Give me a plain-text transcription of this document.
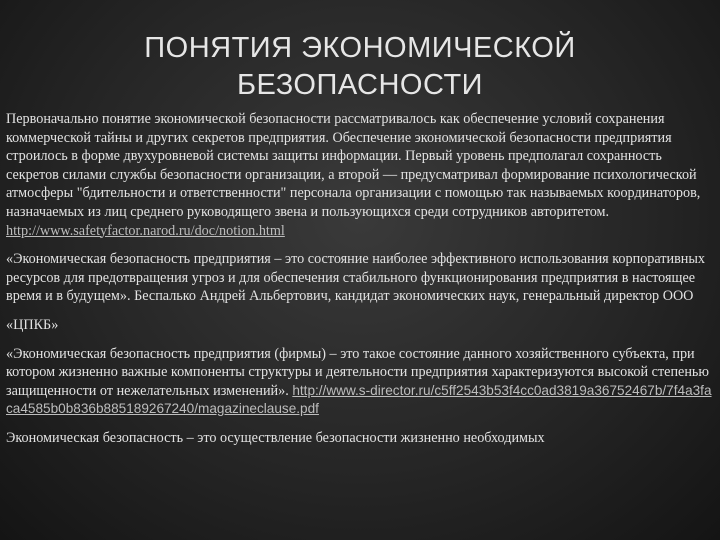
ПОНЯТИЯ ЭКОНОМИЧЕСКОЙ
БЕЗОПАСНОСТИ

Первоначально понятие экономической безопасности рассматривалось как обеспечение условий сохранения коммерческой тайны и других секретов предприятия. Обеспечение экономической безопасности предприятия строилось в форме двухуровневой системы защиты информации. Первый уровень предполагал сохранность секретов силами службы безопасности организации, а второй — предусматривал формирование психологической атмосферы "бдительности и ответственности" персонала организации с помощью так называемых координаторов, назначаемых из лиц среднего руководящего звена и пользующихся среди сотрудников авторитетом. http://www.safetyfactor.narod.ru/doc/notion.html

«Экономическая безопасность предприятия – это состояние наиболее эффективного использования корпоративных ресурсов для предотвращения угроз и для обеспечения стабильного функционирования предприятия в настоящее время и в будущем». Беспалько Андрей Альбертович, кандидат экономических наук, генеральный директор ООО

«ЦПКБ»

«Экономическая безопасность предприятия (фирмы) – это такое состояние данного хозяйственного субъекта, при котором жизненно важные компоненты структуры и деятельности предприятия характеризуются высокой степенью защищенности от нежелательных изменений». http://www.s-director.ru/c5ff2543b53f4cc0ad3819a36752467b/7f4a3faca4585b0b836b885189267240/magazineclause.pdf

Экономическая безопасность – это осуществление безопасности жизненно необходимых
